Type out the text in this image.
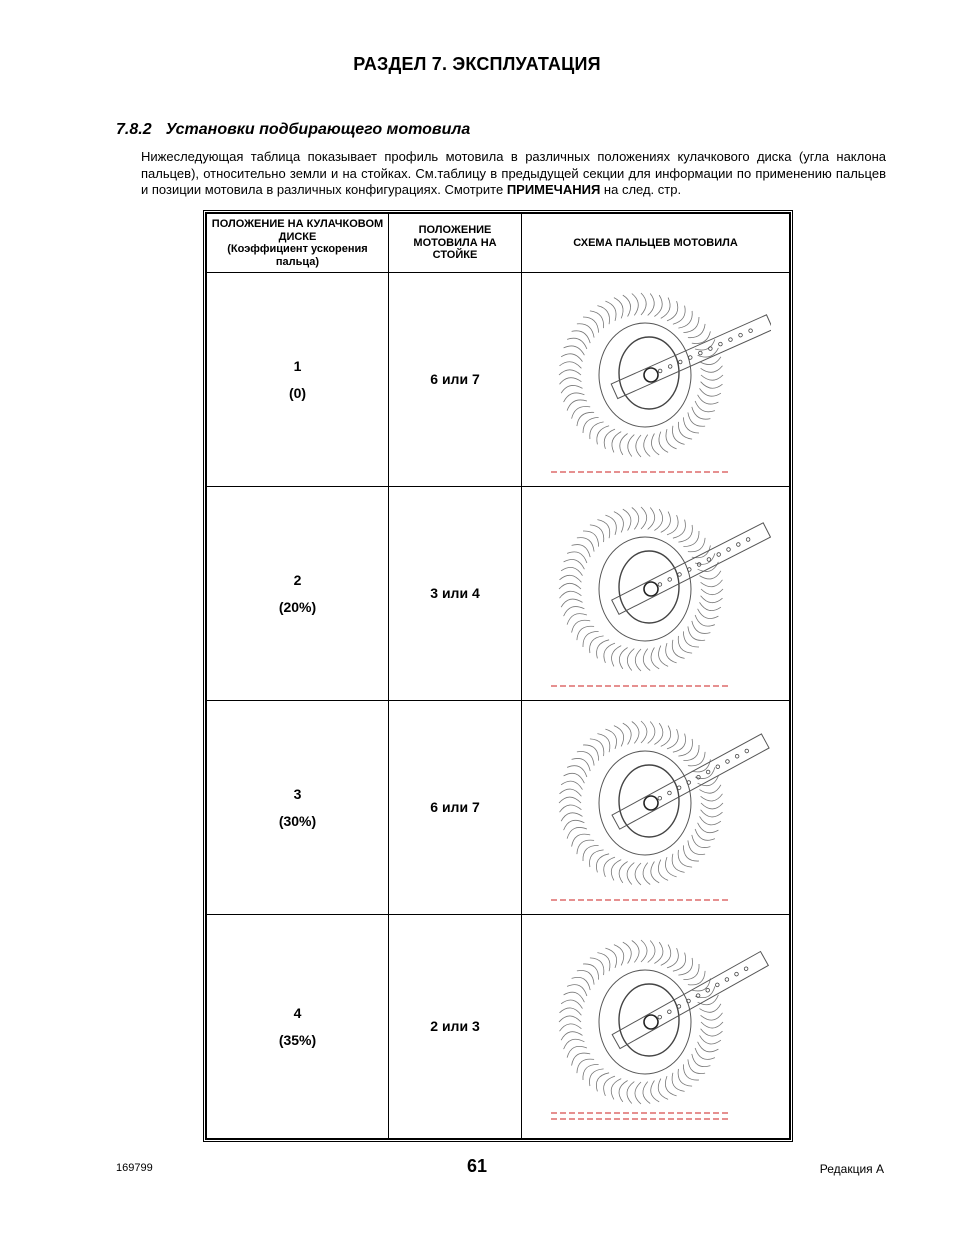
РАЗДЕЛ 7. ЭКСПЛУАТАЦИЯ
7.8.2 Установки подбирающего мотовила
Нижеследующая таблица показывает профиль мотовила в различных положениях кулачкового диска (угла наклона пальцев), относительно земли и на стойках. См.таблицу в предыдущей секции для информации по применению пальцев и позиции мотовила в различных конфигурациях. Смотрите ПРИМЕЧАНИЯ на след. стр.
ПОЛОЖЕНИЕ НА КУЛАЧКОВОМ ДИСКЕ
(Коэффициент ускорения пальца)	ПОЛОЖЕНИЕ МОТОВИЛА НА СТОЙКЕ	СХЕМА ПАЛЬЦЕВ МОТОВИЛА

1
(0)	6 или 7	

2
(20%)	3 или 4	

3
(30%)	6 или 7	

4
(35%)	2 или 3	
169799	61	Редакция А
